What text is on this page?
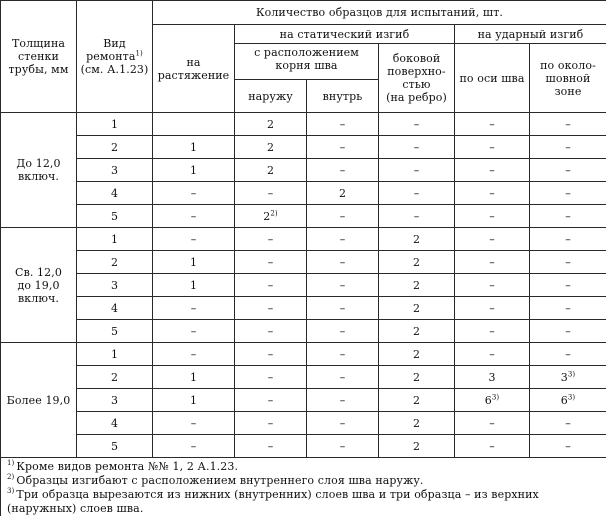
Толщина
стенки
трубы, мм	Вид
ремонта$^{1)}$
(см. А.1.23)	Количество образцов для испытаний, шт.					

		на
растяжение	на статический изгиб			на ударный изгиб	

			с расположением
корня шва		боковой
поверхно-
стью
(на ребро)	по оси шва	по около-
шовной
зоне

			наружу	внутрь			

До 12,0
включ.	1		2	–	–	–	–
	2	1	2	–	–	–	–
	3	1	2	–	–	–	–
	4	–	–	2	–	–	–
	5	–	2$^{2)}$	–	–	–	–

Св. 12,0
до 19,0
включ.	1	–	–	–	2	–	–
	2	1	–	–	2	–	–
	3	1	–	–	2	–	–
	4	–	–	–	2	–	–
	5	–	–	–	2	–	–

Более 19,0	1	–	–	–	2	–	–
	2	1	–	–	2	3	3$^{3)}$
	3	1	–	–	2	6$^{3)}$	6$^{3)}$
	4	–	–	–	2	–	–
	5	–	–	–	2	–	–

$^{1)}$ Кроме видов ремонта №№ 1, 2 А.1.23.
$^{2)}$ Образцы изгибают с расположением внутреннего слоя шва наружу.
$^{3)}$ Три образца вырезаются из нижних (внутренних) слоев шва и три образца – из верхних (наружных) слоев шва.							
